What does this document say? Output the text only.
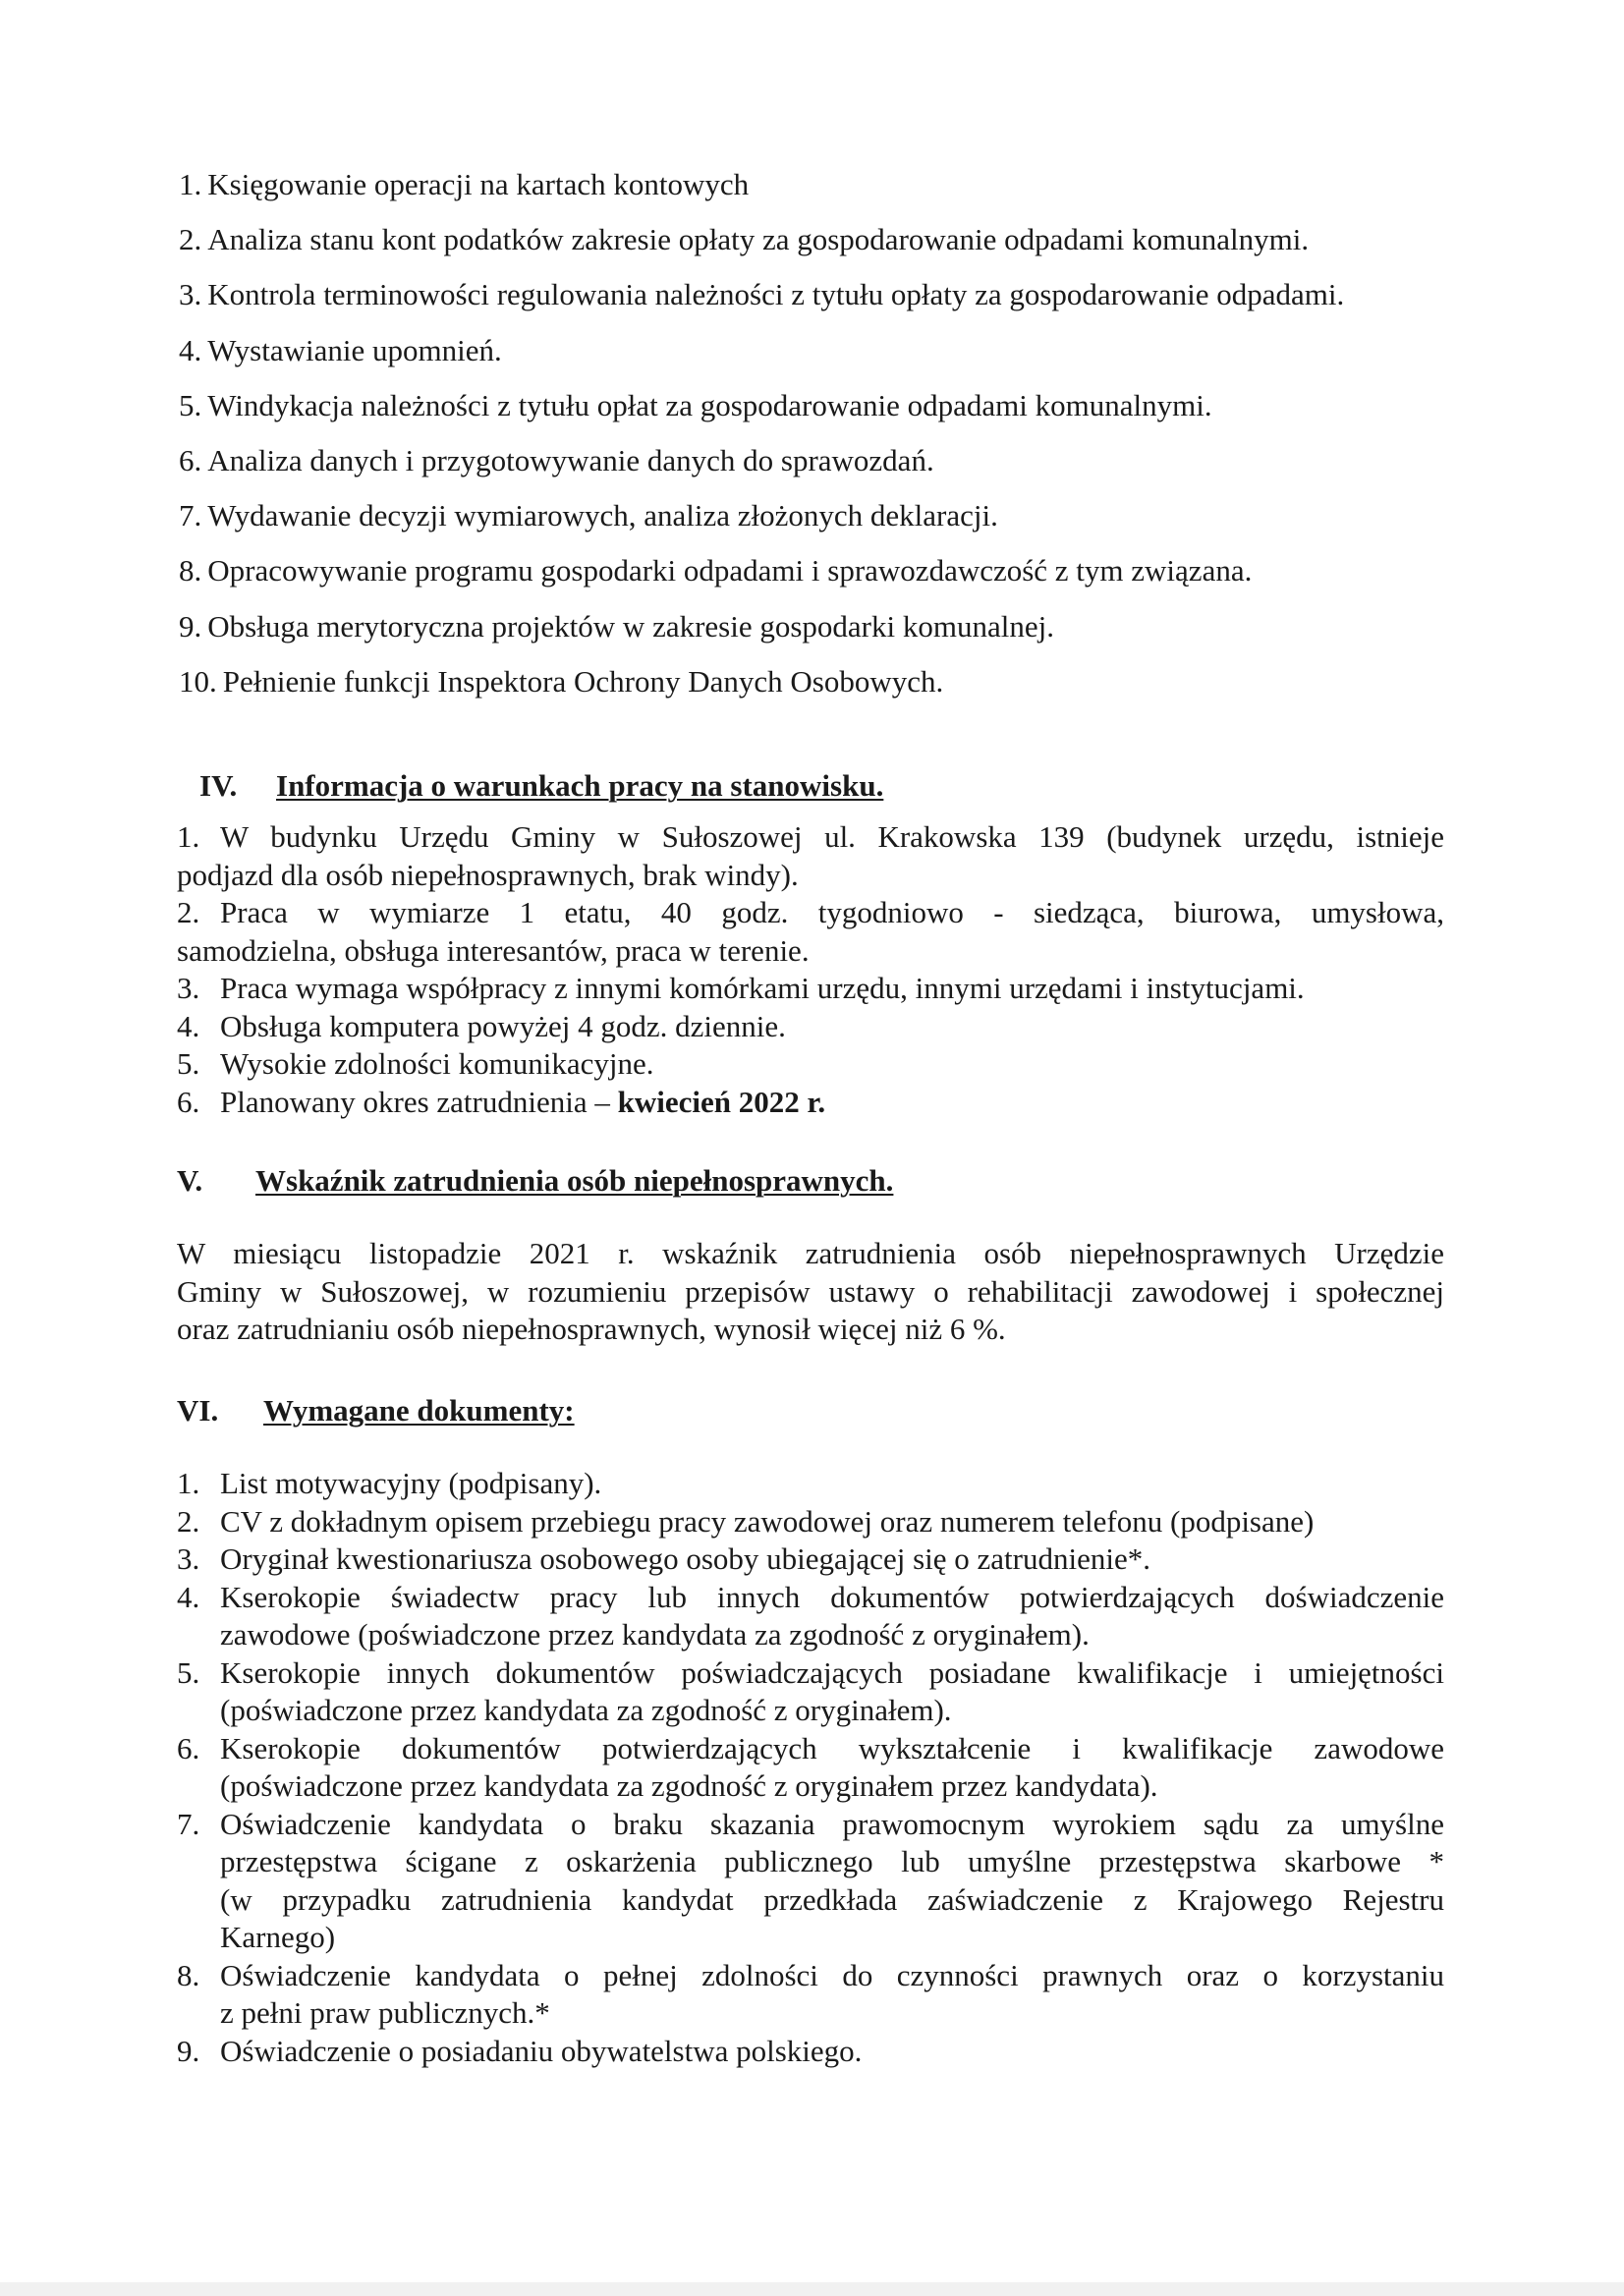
1. Księgowanie operacji na kartach kontowych
2. Analiza stanu kont podatków zakresie opłaty za gospodarowanie odpadami komunalnymi.
3. Kontrola terminowości regulowania należności z tytułu opłaty za gospodarowanie odpadami.
4. Wystawianie upomnień.
5. Windykacja należności z tytułu opłat za gospodarowanie odpadami komunalnymi.
6. Analiza danych i przygotowywanie danych do sprawozdań.
7. Wydawanie decyzji wymiarowych, analiza złożonych deklaracji.
8. Opracowywanie programu gospodarki odpadami i sprawozdawczość z tym związana.
9. Obsługa merytoryczna projektów w zakresie gospodarki komunalnej.
10. Pełnienie funkcji Inspektora Ochrony Danych Osobowych.
IV. Informacja o warunkach pracy na stanowisku.
1. W budynku Urzędu Gminy w Sułoszowej ul. Krakowska 139 (budynek urzędu, istnieje
podjazd dla osób niepełnosprawnych, brak windy).
2. Praca w wymiarze 1 etatu, 40 godz. tygodniowo - siedząca, biurowa, umysłowa,
samodzielna, obsługa interesantów, praca w terenie.
3. Praca wymaga współpracy z innymi komórkami urzędu, innymi urzędami i instytucjami.
4. Obsługa komputera powyżej 4 godz. dziennie.
5. Wysokie zdolności komunikacyjne.
6. Planowany okres zatrudnienia – kwiecień 2022 r.
V. Wskaźnik zatrudnienia osób niepełnosprawnych.
W miesiącu listopadzie 2021 r. wskaźnik zatrudnienia osób niepełnosprawnych Urzędzie
Gminy w Sułoszowej, w rozumieniu przepisów ustawy o rehabilitacji zawodowej i społecznej
oraz zatrudnianiu osób niepełnosprawnych, wynosił więcej niż 6 %.
VI. Wymagane dokumenty:
1. List motywacyjny (podpisany).
2. CV z dokładnym opisem przebiegu pracy zawodowej oraz numerem telefonu (podpisane)
3. Oryginał kwestionariusza osobowego osoby ubiegającej się o zatrudnienie*.
4. Kserokopie świadectw pracy lub innych dokumentów potwierdzających doświadczenie
zawodowe (poświadczone przez kandydata za zgodność z oryginałem).
5. Kserokopie innych dokumentów poświadczających posiadane kwalifikacje i umiejętności
(poświadczone przez kandydata za zgodność z oryginałem).
6. Kserokopie dokumentów potwierdzających wykształcenie i kwalifikacje zawodowe
(poświadczone przez kandydata za zgodność z oryginałem przez kandydata).
7. Oświadczenie kandydata o braku skazania prawomocnym wyrokiem sądu za umyślne
przestępstwa ścigane z oskarżenia publicznego lub umyślne przestępstwa skarbowe *
(w przypadku zatrudnienia kandydat przedkłada zaświadczenie z Krajowego Rejestru
Karnego)
8. Oświadczenie kandydata o pełnej zdolności do czynności prawnych oraz o korzystaniu
z pełni praw publicznych.*
9. Oświadczenie o posiadaniu obywatelstwa polskiego.
